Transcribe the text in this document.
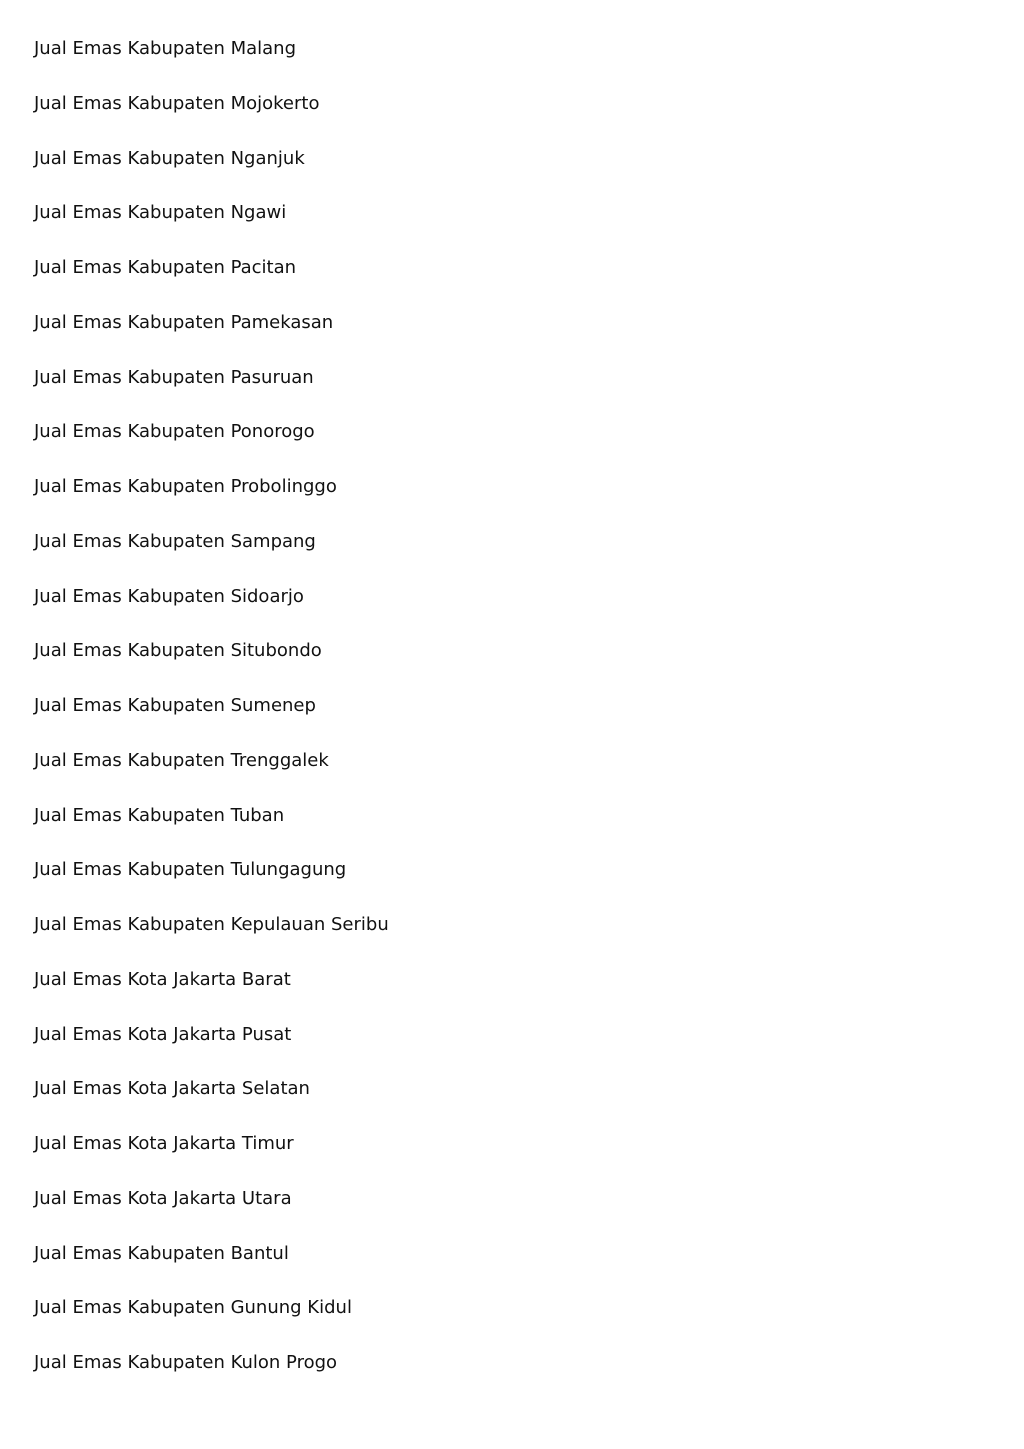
Jual Emas Kabupaten Malang
Jual Emas Kabupaten Mojokerto
Jual Emas Kabupaten Nganjuk
Jual Emas Kabupaten Ngawi
Jual Emas Kabupaten Pacitan
Jual Emas Kabupaten Pamekasan
Jual Emas Kabupaten Pasuruan
Jual Emas Kabupaten Ponorogo
Jual Emas Kabupaten Probolinggo
Jual Emas Kabupaten Sampang
Jual Emas Kabupaten Sidoarjo
Jual Emas Kabupaten Situbondo
Jual Emas Kabupaten Sumenep
Jual Emas Kabupaten Trenggalek
Jual Emas Kabupaten Tuban
Jual Emas Kabupaten Tulungagung
Jual Emas Kabupaten Kepulauan Seribu
Jual Emas Kota Jakarta Barat
Jual Emas Kota Jakarta Pusat
Jual Emas Kota Jakarta Selatan
Jual Emas Kota Jakarta Timur
Jual Emas Kota Jakarta Utara
Jual Emas Kabupaten Bantul
Jual Emas Kabupaten Gunung Kidul
Jual Emas Kabupaten Kulon Progo
